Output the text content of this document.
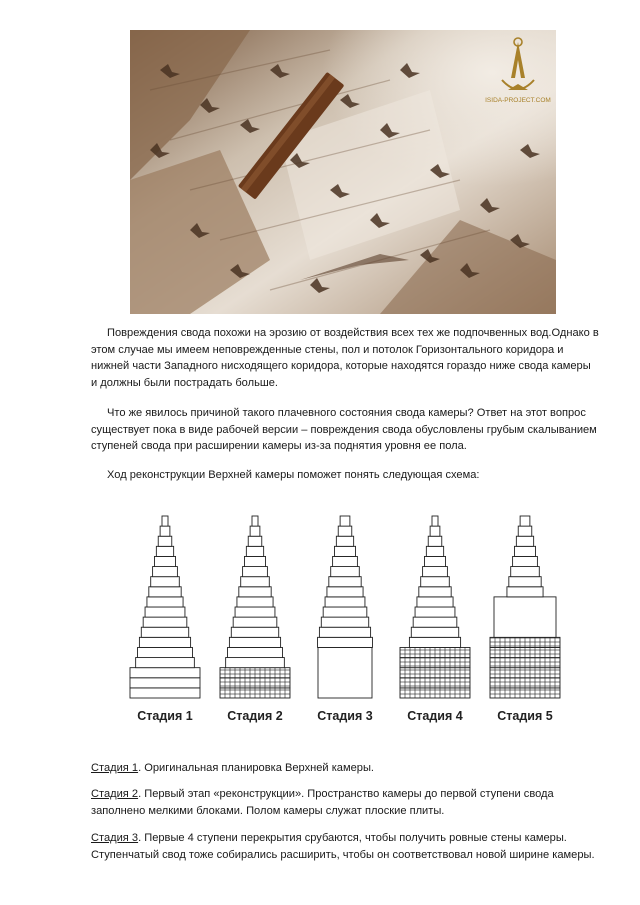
ISIDA-PROJECT.COM

Повреждения свода похожи на эрозию от воздействия всех тех же подпочвенных вод.Однако в этом случае мы имеем неповрежденные стены, пол и потолок Горизонтального коридора и нижней части Западного нисходящего коридора, которые находятся гораздо ниже свода камеры и должны были пострадать больше.

Что же явилось причиной такого плачевного состояния свода камеры? Ответ на этот вопрос существует пока в виде рабочей версии – повреждения свода обусловлены грубым скалыванием ступеней свода при расширении камеры из-за поднятия уровня ее пола.

Ход реконструкции Верхней камеры поможет понять следующая схема:

Стадия 1	Стадия 2	Стадия 3	Стадия 4	Стадия 5

Стадия 1. Оригинальная планировка Верхней камеры.

Стадия 2. Первый этап «реконструкции». Пространство камеры до первой ступени свода заполнено мелкими блоками. Полом камеры служат плоские плиты.

Стадия 3. Первые 4 ступени перекрытия срубаются, чтобы получить ровные стены камеры. Ступенчатый свод тоже собирались расширить, чтобы он соответствовал новой ширине камеры.
